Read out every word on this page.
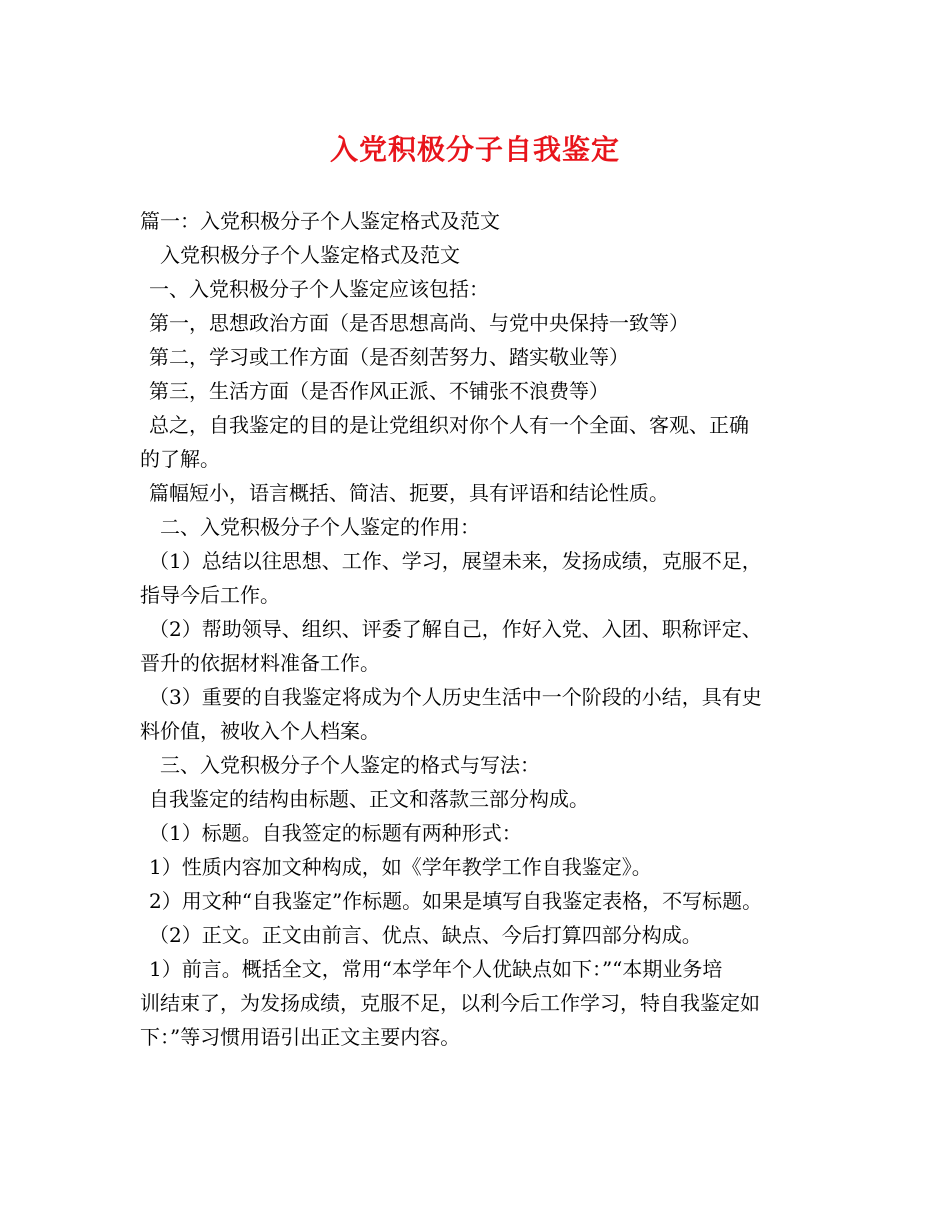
入党积极分子自我鉴定
篇一：入党积极分子个人鉴定格式及范文
入党积极分子个人鉴定格式及范文
一、入党积极分子个人鉴定应该包括：
第一，思想政治方面（是否思想高尚、与党中央保持一致等）
第二，学习或工作方面（是否刻苦努力、踏实敬业等）
第三，生活方面（是否作风正派、不铺张不浪费等）
总之，自我鉴定的目的是让党组织对你个人有一个全面、客观、正确
的了解。
篇幅短小，语言概括、简洁、扼要，具有评语和结论性质。
二、入党积极分子个人鉴定的作用：
（1）总结以往思想、工作、学习，展望未来，发扬成绩，克服不足，
指导今后工作。
（2）帮助领导、组织、评委了解自己，作好入党、入团、职称评定、
晋升的依据材料准备工作。
（3）重要的自我鉴定将成为个人历史生活中一个阶段的小结，具有史
料价值，被收入个人档案。
三、入党积极分子个人鉴定的格式与写法：
自我鉴定的结构由标题、正文和落款三部分构成。
（1）标题。自我签定的标题有两种形式：
1）性质内容加文种构成，如《学年教学工作自我鉴定》。
2）用文种“自我鉴定”作标题。如果是填写自我鉴定表格，不写标题。
（2）正文。正文由前言、优点、缺点、今后打算四部分构成。
1）前言。概括全文，常用“本学年个人优缺点如下：”“本期业务培
训结束了，为发扬成绩，克服不足，以利今后工作学习，特自我鉴定如
下：”等习惯用语引出正文主要内容。
